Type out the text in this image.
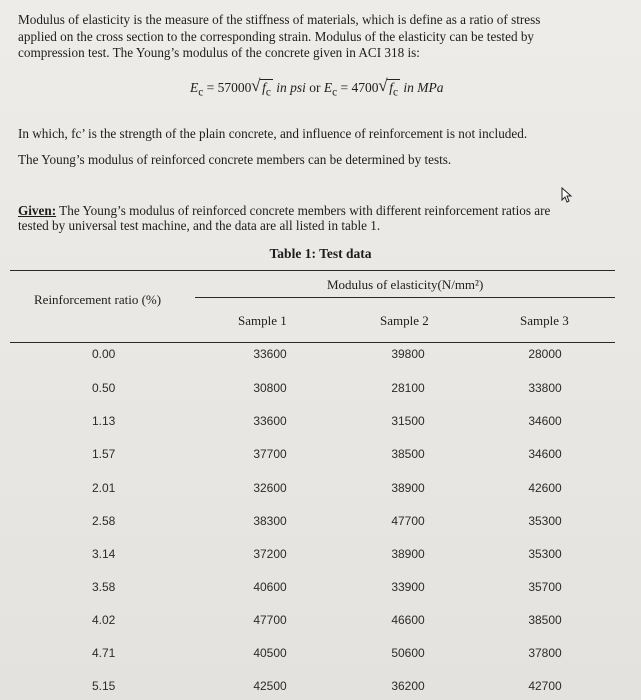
Modulus of elasticity is the measure of the stiffness of materials, which is define as a ratio of stress
applied on the cross section to the corresponding strain. Modulus of the elasticity can be tested by
compression test. The Young’s modulus of the concrete given in ACI 318 is:

$E_c = 57000$ √ $f_c$ in psi or $E_c = 4700$ √ $f_c$ in MPa

In which, fc’ is the strength of the plain concrete, and influence of reinforcement is not included.
The Young’s modulus of reinforced concrete members can be determined by tests.

Given: The Young’s modulus of reinforced concrete members with different reinforcement ratios are
tested by universal test machine, and the data are all listed in table 1.

Table 1: Test data
Modulus of elasticity(N/mm²)
Reinforcement ratio (%)
Sample 1	Sample 2	Sample 3
0.00	33600	39800	28000
0.50	30800	28100	33800
1.13	33600	31500	34600
1.57	37700	38500	34600
2.01	32600	38900	42600
2.58	38300	47700	35300
3.14	37200	38900	35300
3.58	40600	33900	35700
4.02	47700	46600	38500
4.71	40500	50600	37800
5.15	42500	36200	42700
